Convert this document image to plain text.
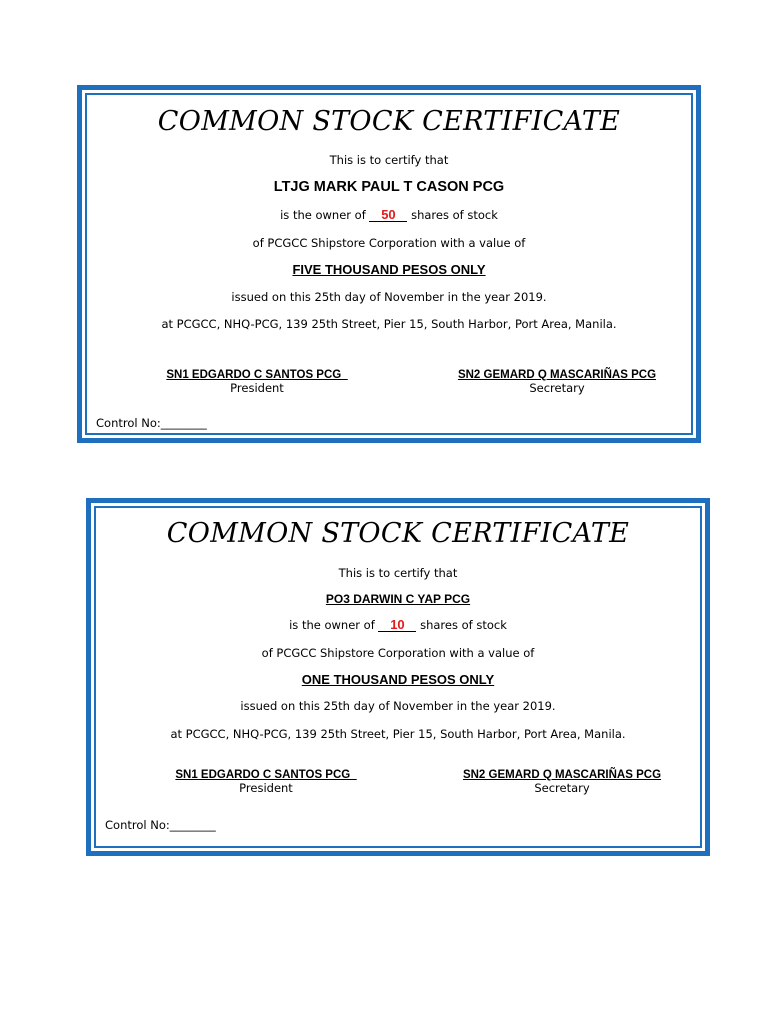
COMMON STOCK CERTIFICATE
This is to certify that
LTJG MARK PAUL T CASON PCG
is the owner of 50 shares of stock
of PCGCC Shipstore Corporation with a value of
FIVE THOUSAND PESOS ONLY
issued on this 25th day of November in the year 2019.
at PCGCC, NHQ-PCG, 139 25th Street, Pier 15, South Harbor, Port Area, Manila.
SN1 EDGARDO C SANTOS PCG_
President
SN2 GEMARD Q MASCARIÑAS PCG
Secretary
Control No:________
COMMON STOCK CERTIFICATE
This is to certify that
PO3 DARWIN C YAP PCG
is the owner of 10 shares of stock
of PCGCC Shipstore Corporation with a value of
ONE THOUSAND PESOS ONLY
issued on this 25th day of November in the year 2019.
at PCGCC, NHQ-PCG, 139 25th Street, Pier 15, South Harbor, Port Area, Manila.
SN1 EDGARDO C SANTOS PCG_
President
SN2 GEMARD Q MASCARIÑAS PCG
Secretary
Control No:________
